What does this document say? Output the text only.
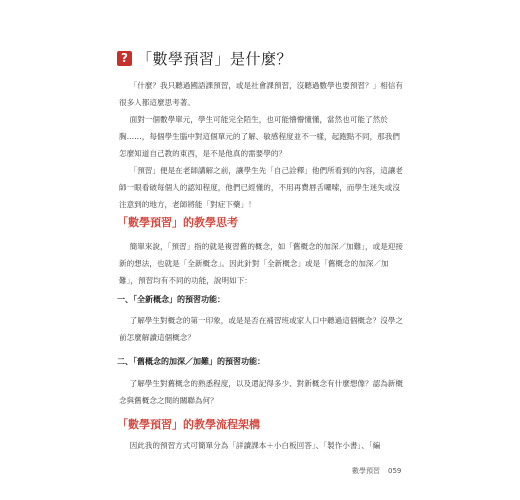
? 「數學預習」是什麼？

「什麼？我只聽過國語課預習，或是社會課預習，沒聽過數學也要預習？」相信有很多人都這麼思考著。

面對一個數學單元，學生可能完全陌生，也可能懵懵懂懂，當然也可能了然於胸……，每個學生腦中對這個單元的了解、敏感程度並不一樣，起跑點不同，那我們怎麼知道自己教的東西，是不是他真的需要學的？

「預習」便是在老師講解之前，讓學生先「自己詮釋」他們所看到的內容，這讓老師一眼看破每個人的認知程度，他們已經懂的，不用再費唇舌囉嗦，而學生迷失或沒注意到的地方，老師將能「對症下藥」！

「數學預習」的教學思考

簡單來說，「預習」指的就是複習舊的概念，如「舊概念的加深／加難」，或是迎接新的想法，也就是「全新概念」。因此針對「全新概念」或是「舊概念的加深／加難」，預習均有不同的功能，說明如下：

一、「全新概念」的預習功能：

了解學生對概念的第一印象，或是是否在補習班或家人口中聽過這個概念？沒學之前怎麼解讀這個概念？

二、「舊概念的加深／加難」的預習功能：

了解學生對舊概念的熟悉程度，以及還記得多少、對新概念有什麼想像？認為新概念與舊概念之間的關聯為何？

「數學預習」的教學流程架構

因此我的預習方式可簡單分為「詳讀課本＋小白板回答」、「製作小書」、「編

數學預習 059
